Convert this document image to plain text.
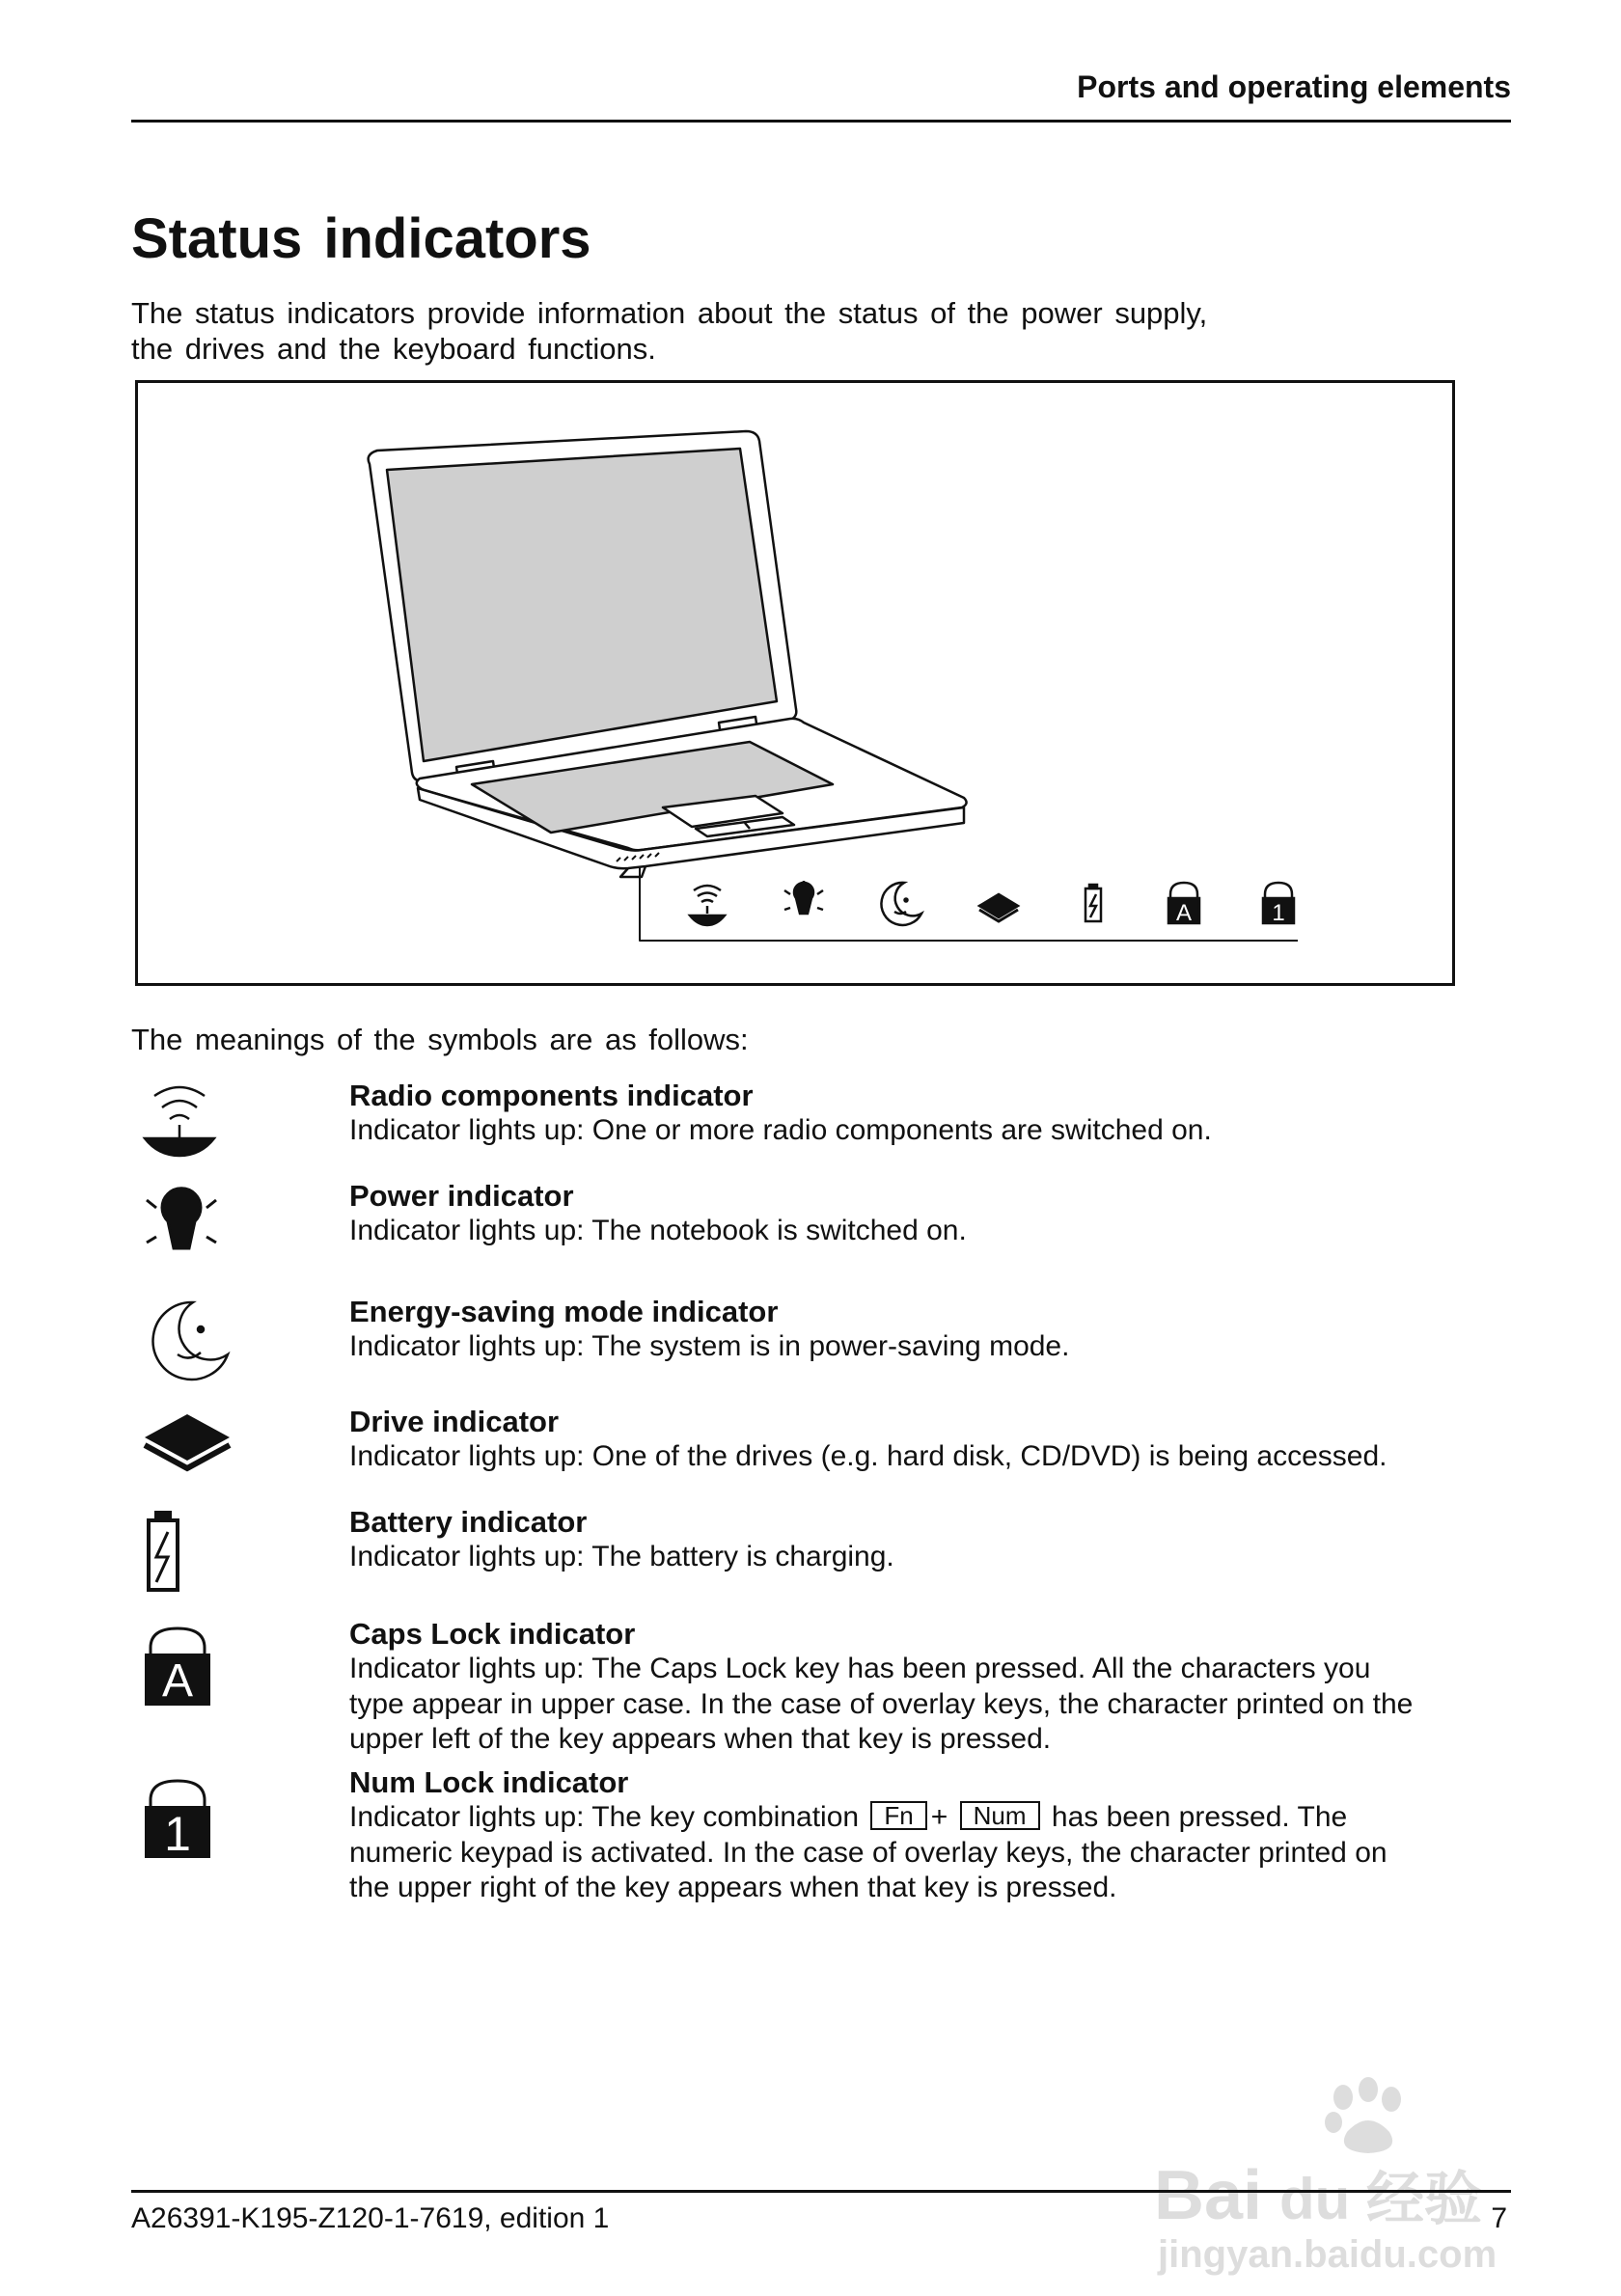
Ports and operating elements
Status indicators

The status indicators provide information about the status of the power supply,
the drives and the keyboard functions.

A	1

The meanings of the symbols are as follows:

Radio components indicator
Indicator lights up: One or more radio components are switched on.
Power indicator
Indicator lights up: The notebook is switched on.
Energy-saving mode indicator
Indicator lights up: The system is in power-saving mode.
Drive indicator
Indicator lights up: One of the drives (e.g. hard disk, CD/DVD) is being accessed.
Battery indicator
Indicator lights up: The battery is charging.
A
Caps Lock indicator
Indicator lights up: The Caps Lock key has been pressed. All the characters you
type appear in upper case. In the case of overlay keys, the character printed on the
upper left of the key appears when that key is pressed.
1
Num Lock indicator
Indicator lights up: The key combination Fn + Num has been pressed. The
numeric keypad is activated. In the case of overlay keys, the character printed on
the upper right of the key appears when that key is pressed.
Bai du 经验
jingyan.baidu.com
A26391-K195-Z120-1-7619, edition 1	7
